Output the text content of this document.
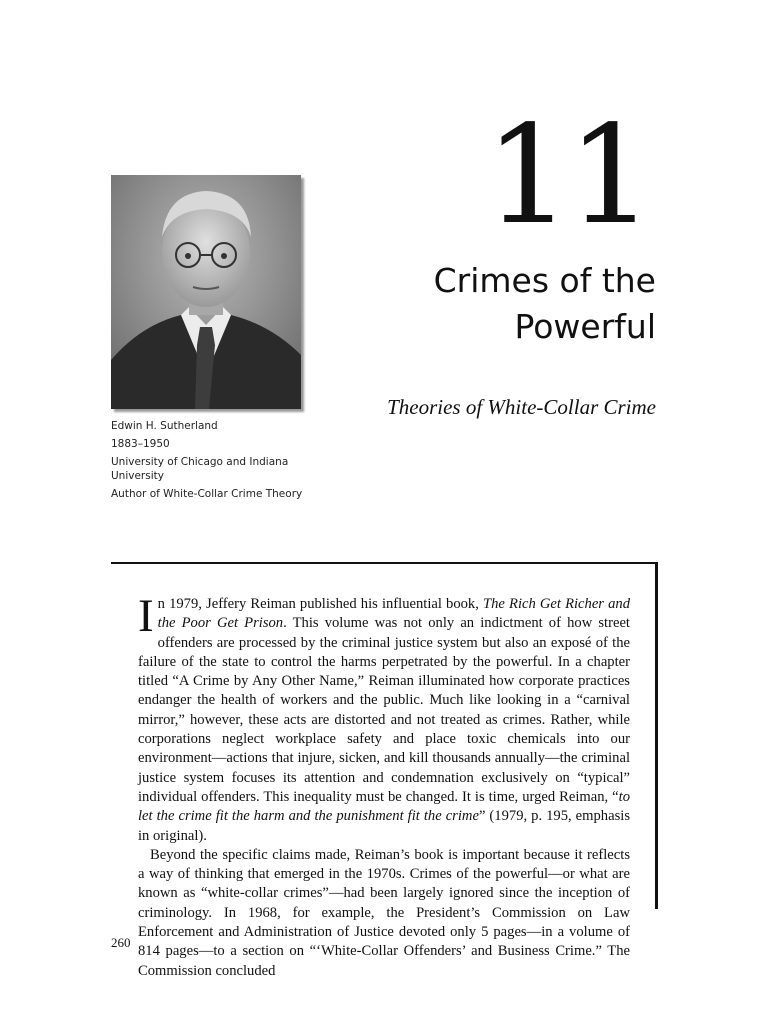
11
Crimes of the
Powerful
Theories of White-Collar Crime
Edwin H. Sutherland
1883–1950
University of Chicago and Indiana University
Author of White-Collar Crime Theory

In 1979, Jeffery Reiman published his influential book, The Rich Get Richer and the Poor Get Prison. This volume was not only an indictment of how street offenders are processed by the criminal justice system but also an exposé of the failure of the state to control the harms perpetrated by the powerful. In a chapter titled “A Crime by Any Other Name,” Reiman illuminated how corporate practices endanger the health of workers and the public. Much like looking in a “carnival mirror,” however, these acts are distorted and not treated as crimes. Rather, while corporations neglect workplace safety and place toxic chemicals into our environment—actions that injure, sicken, and kill thousands annually—the criminal justice system focuses its attention and condemnation exclusively on “typical” individual offenders. This inequality must be changed. It is time, urged Reiman, “to let the crime fit the harm and the punishment fit the crime” (1979, p. 195, emphasis in original).

Beyond the specific claims made, Reiman’s book is important because it reflects a way of thinking that emerged in the 1970s. Crimes of the powerful—or what are known as “white-collar crimes”—had been largely ignored since the inception of criminology. In 1968, for example, the President’s Commission on Law Enforcement and Administration of Justice devoted only 5 pages—in a volume of 814 pages—to a section on “‘White-Collar Offenders’ and Business Crime.” The Commission concluded

260
